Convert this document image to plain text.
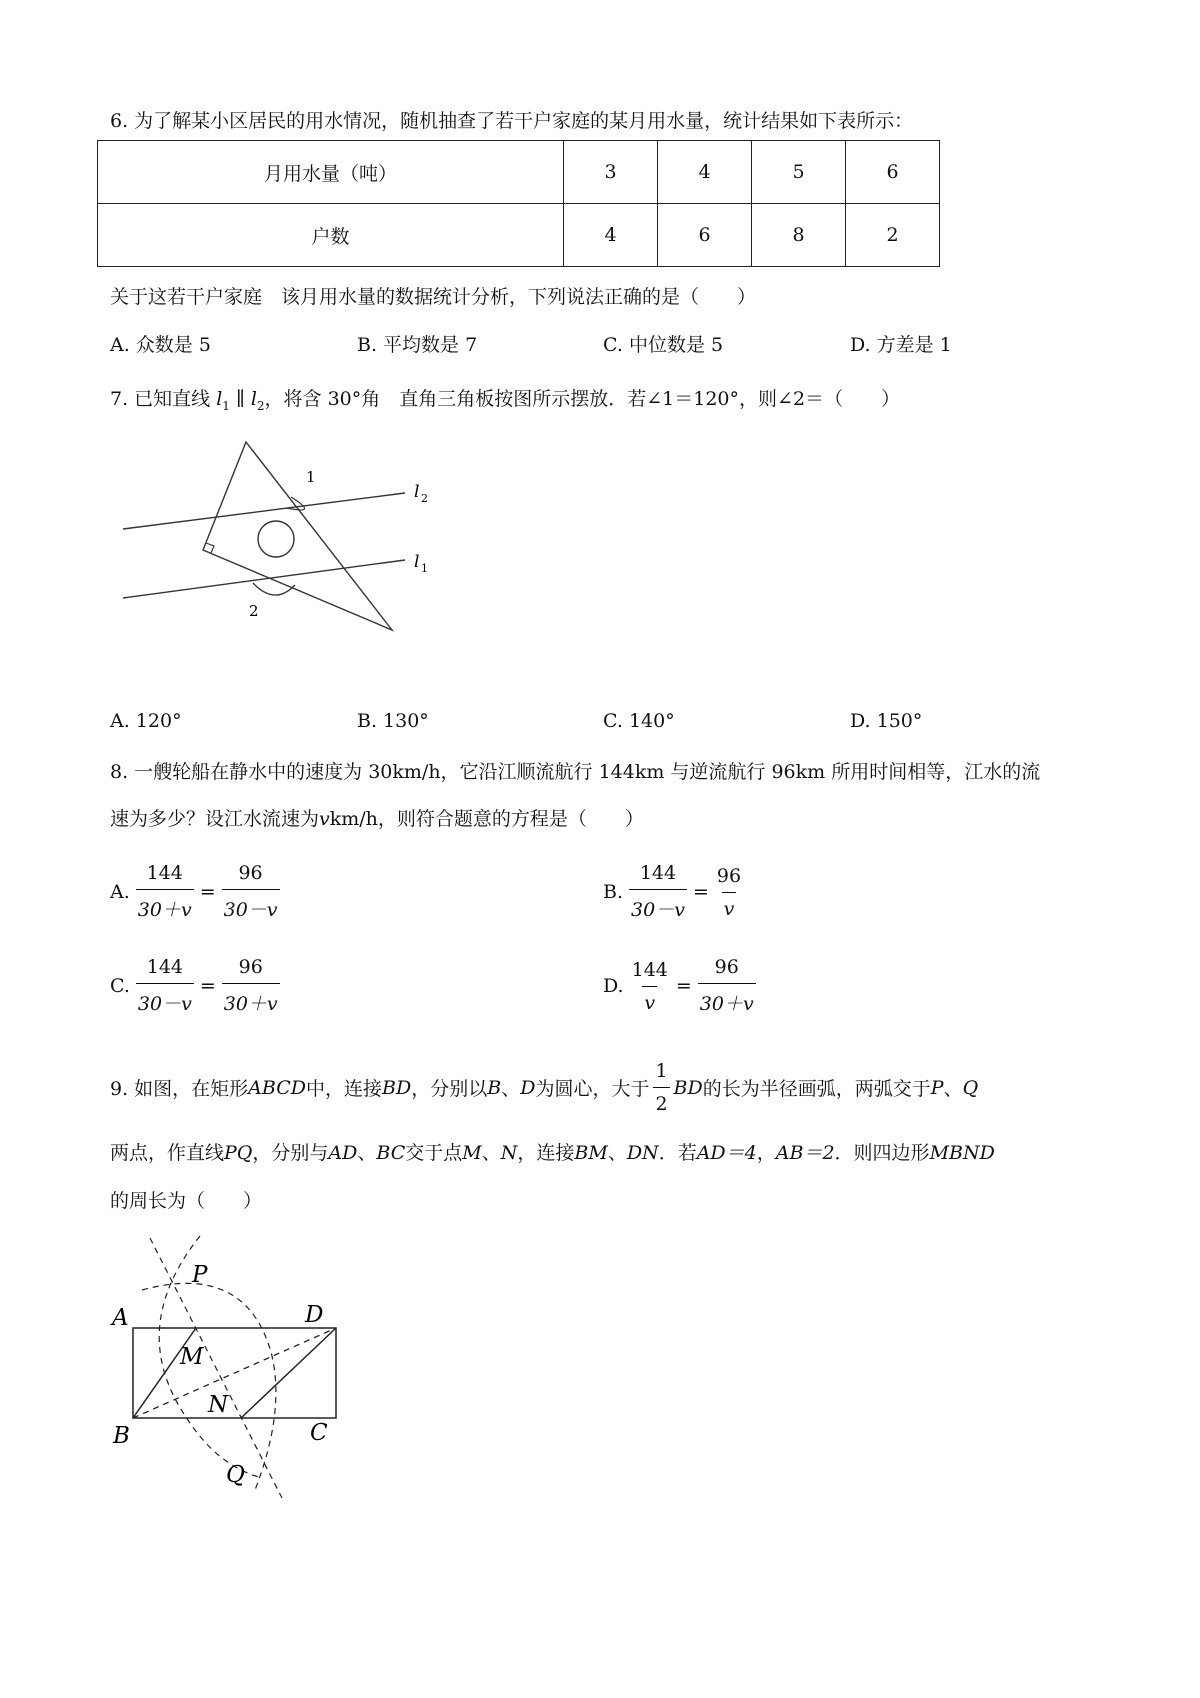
6. 为了解某小区居民的用水情况，随机抽查了若干户家庭的某月用水量，统计结果如下表所示：
月用水量（吨）	3	4	5	6
户数	4	6	8	2
关于这若干户家庭　该月用水量的数据统计分析，下列说法正确的是（　　）
A. 众数是 5	B. 平均数是 7	C. 中位数是 5	D. 方差是 1
7. 已知直线 $l_1$ ∥ $l_2$，将含 30°角　直角三角板按图所示摆放．若∠1＝120°，则∠2＝（　　）
1
2
l 2
l 1
A. 120°	B. 130°	C. 140°	D. 150°
8. 一艘轮船在静水中的速度为 30km/h，它沿江顺流航行 144km 与逆流航行 96km 所用时间相等，江水的流
速为多少？设江水流速为vkm/h，则符合题意的方程是（　　）
A. $\frac{144}{30+v} = \frac{96}{30-v}$	B. $\frac{144}{30-v} = \frac{96}{v}$
C. $\frac{144}{30-v} = \frac{96}{30+v}$	D. $\frac{144}{v} = \frac{96}{30+v}$
9. 如图，在矩形 ABCD 中，连接 BD ，分别以 B 、 D 为圆心，大于 $\frac{1}{2}$ BD 的长为半径画弧，两弧交于 P 、 Q
两点，作直线PQ，分别与AD、BC交于点M、N，连接BM、DN．若AD＝4，AB＝2．则四边形MBND
的周长为（　　）
A	D
B	C
M
N
P
Q
